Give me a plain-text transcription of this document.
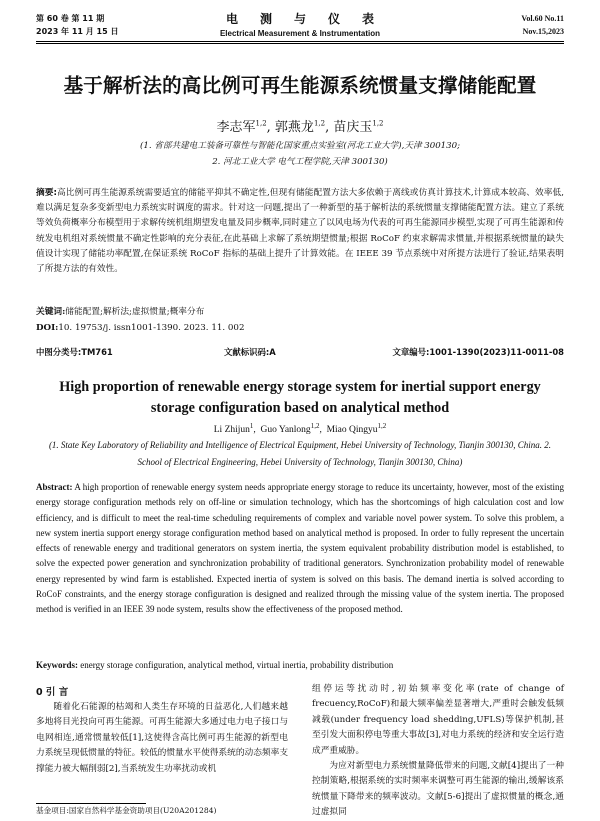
第 60 卷 第 11 期
2023 年 11 月 15 日
电测与仪表
Electrical Measurement & Instrumentation
Vol.60 No.11
Nov.15,2023
基于解析法的高比例可再生能源系统惯量支撑储能配置
李志军$^{1,2}$, 郭燕龙$^{1,2}$, 苗庆玉$^{1,2}$
(1. 省部共建电工装备可靠性与智能化国家重点实验室(河北工业大学),天津 300130;
2. 河北工业大学 电气工程学院,天津 300130)
摘要:高比例可再生能源系统需要适宜的储能平抑其不确定性,但现有储能配置方法大多依赖于离线或仿真计算技术,计算成本较高、效率低,难以满足复杂多变新型电力系统实时调度的需求。针对这一问题,提出了一种新型的基于解析法的系统惯量支撑储能配置方法。建立了系统等效负荷概率分布模型用于求解传统机组期望发电量及同步概率,同时建立了以风电场为代表的可再生能源同步模型,实现了可再生能源和传统发电机组对系统惯量不确定性影响的充分表征,在此基础上求解了系统期望惯量;根据 RoCoF 约束求解需求惯量,并根据系统惯量的缺失值设计实现了储能功率配置,在保证系统 RoCoF 指标的基础上提升了计算效能。在 IEEE 39 节点系统中对所提方法进行了验证,结果表明了所提方法的有效性。
关键词:储能配置;解析法;虚拟惯量;概率分布
DOI:10. 19753/j. issn1001-1390. 2023. 11. 002
中图分类号:TM761	文献标识码:A	文章编号:1001-1390(2023)11-0011-08
High proportion of renewable energy storage system for inertial support energy storage configuration based on analytical method
Li Zhijun$^1$,  Guo Yanlong$^{1,2}$,  Miao Qingyu$^{1,2}$
(1. State Key Laboratory of Reliability and Intelligence of Electrical Equipment, Hebei University of Technology, Tianjin 300130, China. 2. School of Electrical Engineering, Hebei University of Technology, Tianjin 300130, China)
Abstract: A high proportion of renewable energy system needs appropriate energy storage to reduce its uncertainty, however, most of the existing energy storage configuration methods rely on off-line or simulation technology, which has the shortcomings of high calculation cost and low efficiency, and is difficult to meet the real-time scheduling requirements of complex and variable novel power system. To solve this problem, a new system inertia support energy storage configuration method based on analytical method is proposed. In order to fully represent the uncertain effects of renewable energy and traditional generators on system inertia, the system equivalent probability distribution model is established, to solve the expected power generation and synchronization probability of traditional generators. Synchronization probability model of renewable energy represented by wind farm is established. Expected inertia of system is solved on this basis. The demand inertia is solved according to RoCoF constraints, and the energy storage configuration is designed and realized through the missing value of the system inertia. The proposed method is verified in an IEEE 39 node system, results show the effectiveness of the proposed method.
Keywords: energy storage configuration, analytical method, virtual inertia, probability distribution
0 引 言
随着化石能源的枯竭和人类生存环境的日益恶化,人们越来越多地将目光投向可再生能源。可再生能源大多通过电力电子接口与电网相连,通常惯量较低[1],这使得含高比例可再生能源的新型电力系统呈现低惯量的特征。较低的惯量水平使得系统的动态频率支撑能力被大幅削弱[2],当系统发生功率扰动或机

组停运等扰动时,初始频率变化率(rate of change of frecuency,RoCoF)和最大频率偏差显著增大,严重时会触发低频减载(under frequency load shedding,UFLS)等保护机制,甚至引发大面积停电等重大事故[3],对电力系统的经济和安全运行造成严重威胁。

为应对新型电力系统惯量降低带来的问题,文献[4]提出了一种控制策略,根据系统的实时频率来调整可再生能源的输出,缓解该系统惯量下降带来的频率波动。文献[5-6]提出了虚拟惯量的概念,通过虚拟同

基金项目:国家自然科学基金资助项目(U20A201284)
